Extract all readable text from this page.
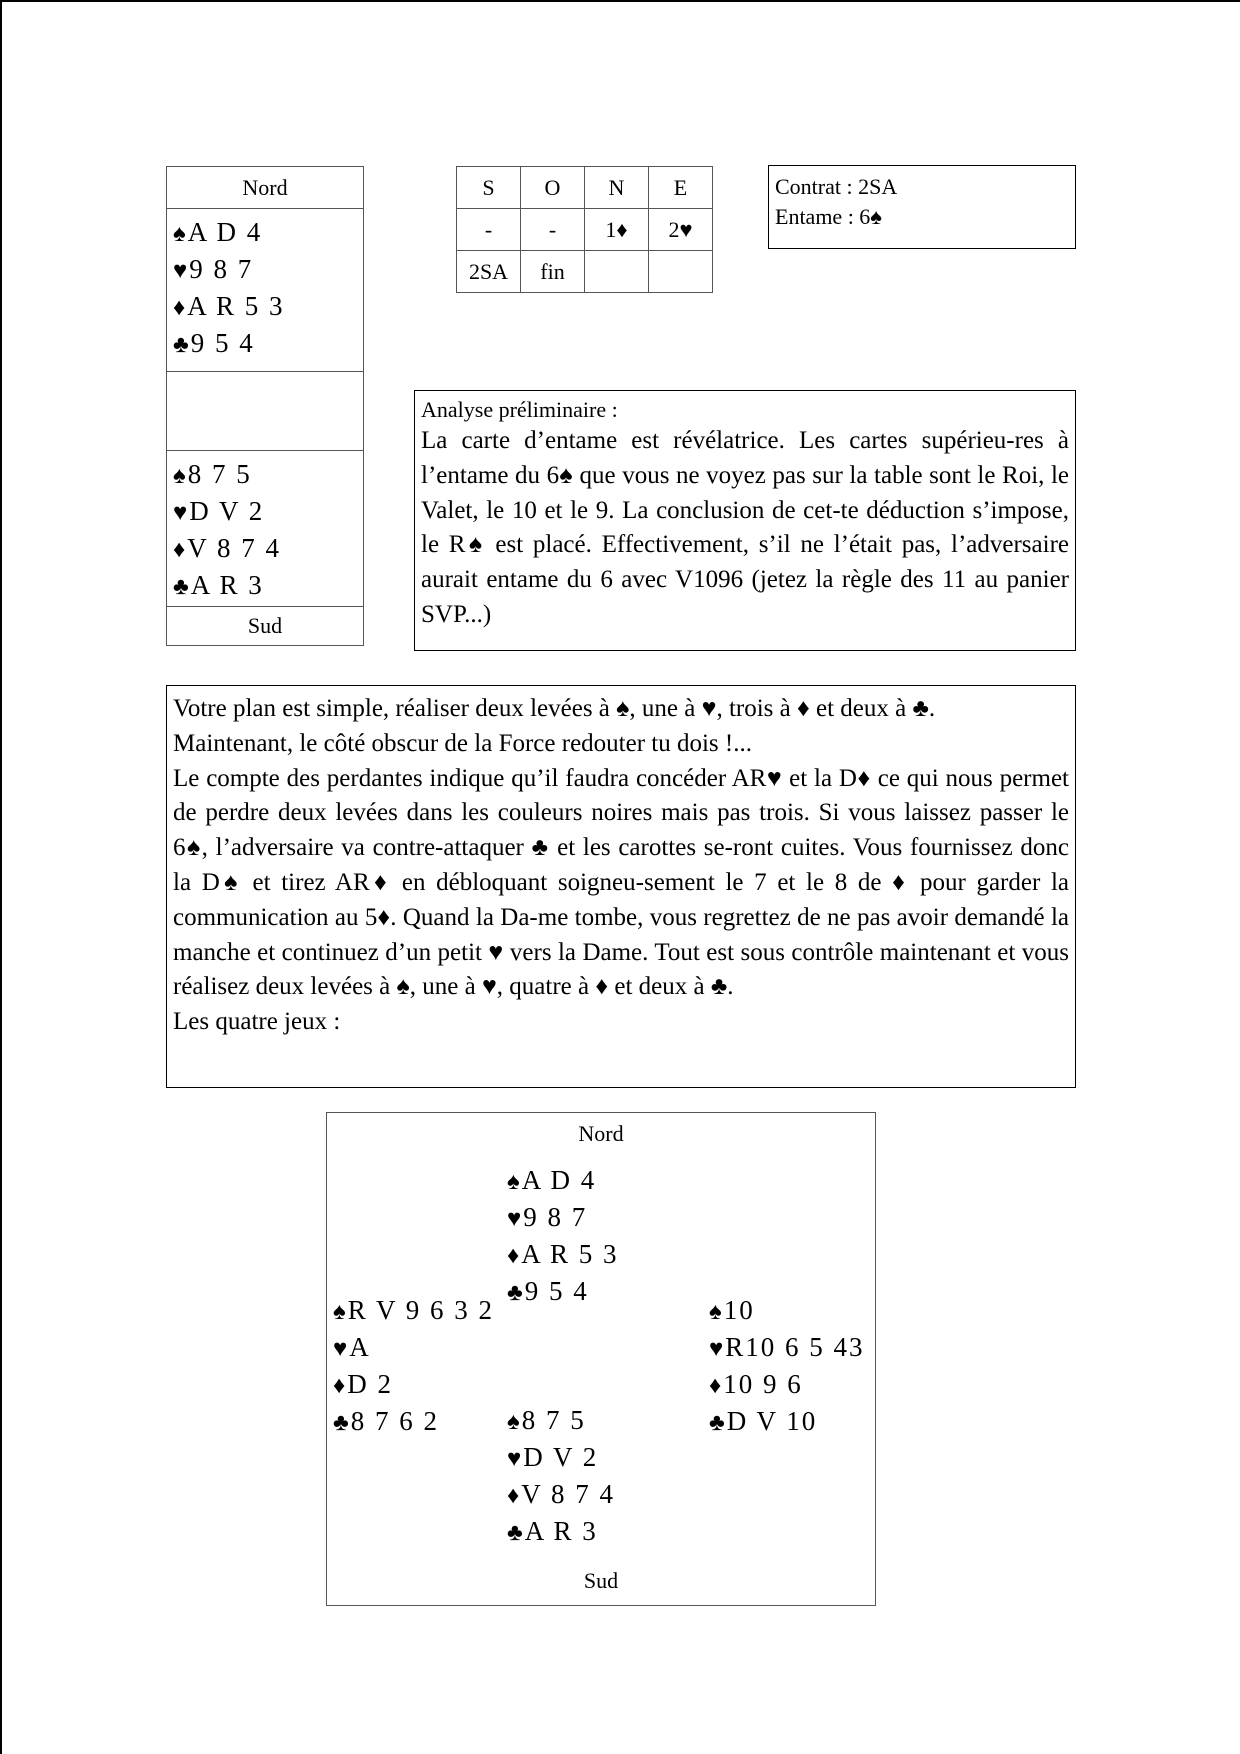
Nord
♠A D 4
♥9 8 7
♦A R 5 3
♣9 5 4
♠8 7 5
♥D V 2
♦V 8 7 4
♣A R 3
Sud
S	O	N	E
-	-	1♦	2♥
2SA	fin		
Contrat : 2SA
Entame : 6♠
Analyse préliminaire :
La carte d’entame est révélatrice. Les cartes supérieu-res à l’entame du 6♠ que vous ne voyez pas sur la table sont le Roi, le Valet, le 10 et le 9. La conclusion de cet-te déduction s’impose, le R♠ est placé. Effectivement, s’il ne l’était pas, l’adversaire aurait entame du 6 avec V1096 (jetez la règle des 11 au panier SVP...)

Votre plan est simple, réaliser deux levées à ♠, une à ♥, trois à ♦ et deux à ♣.

Maintenant, le côté obscur de la Force redouter tu dois !...

Le compte des perdantes indique qu’il faudra concéder AR♥ et la D♦ ce qui nous permet de perdre deux levées dans les couleurs noires mais pas trois. Si vous laissez passer le 6♠, l’adversaire va contre-attaquer ♣ et les carottes se-ront cuites. Vous fournissez donc la D♠ et tirez AR♦ en débloquant soigneu-sement le 7 et le 8 de ♦ pour garder la communication au 5♦. Quand la Da-me tombe, vous regrettez de ne pas avoir demandé la manche et continuez d’un petit ♥ vers la Dame. Tout est sous contrôle maintenant et vous réalisez deux levées à ♠, une à ♥, quatre à ♦ et deux à ♣.

Les quatre jeux :

Nord
♠A D 4
♥9 8 7
♦A R 5 3
♣9 5 4
♠R V 9 6 3 2
♥A
♦D 2
♣8 7 6 2
♠10
♥R10 6 5 43
♦10 9 6
♣D V 10
♠8 7 5
♥D V 2
♦V 8 7 4
♣A R 3
Sud
